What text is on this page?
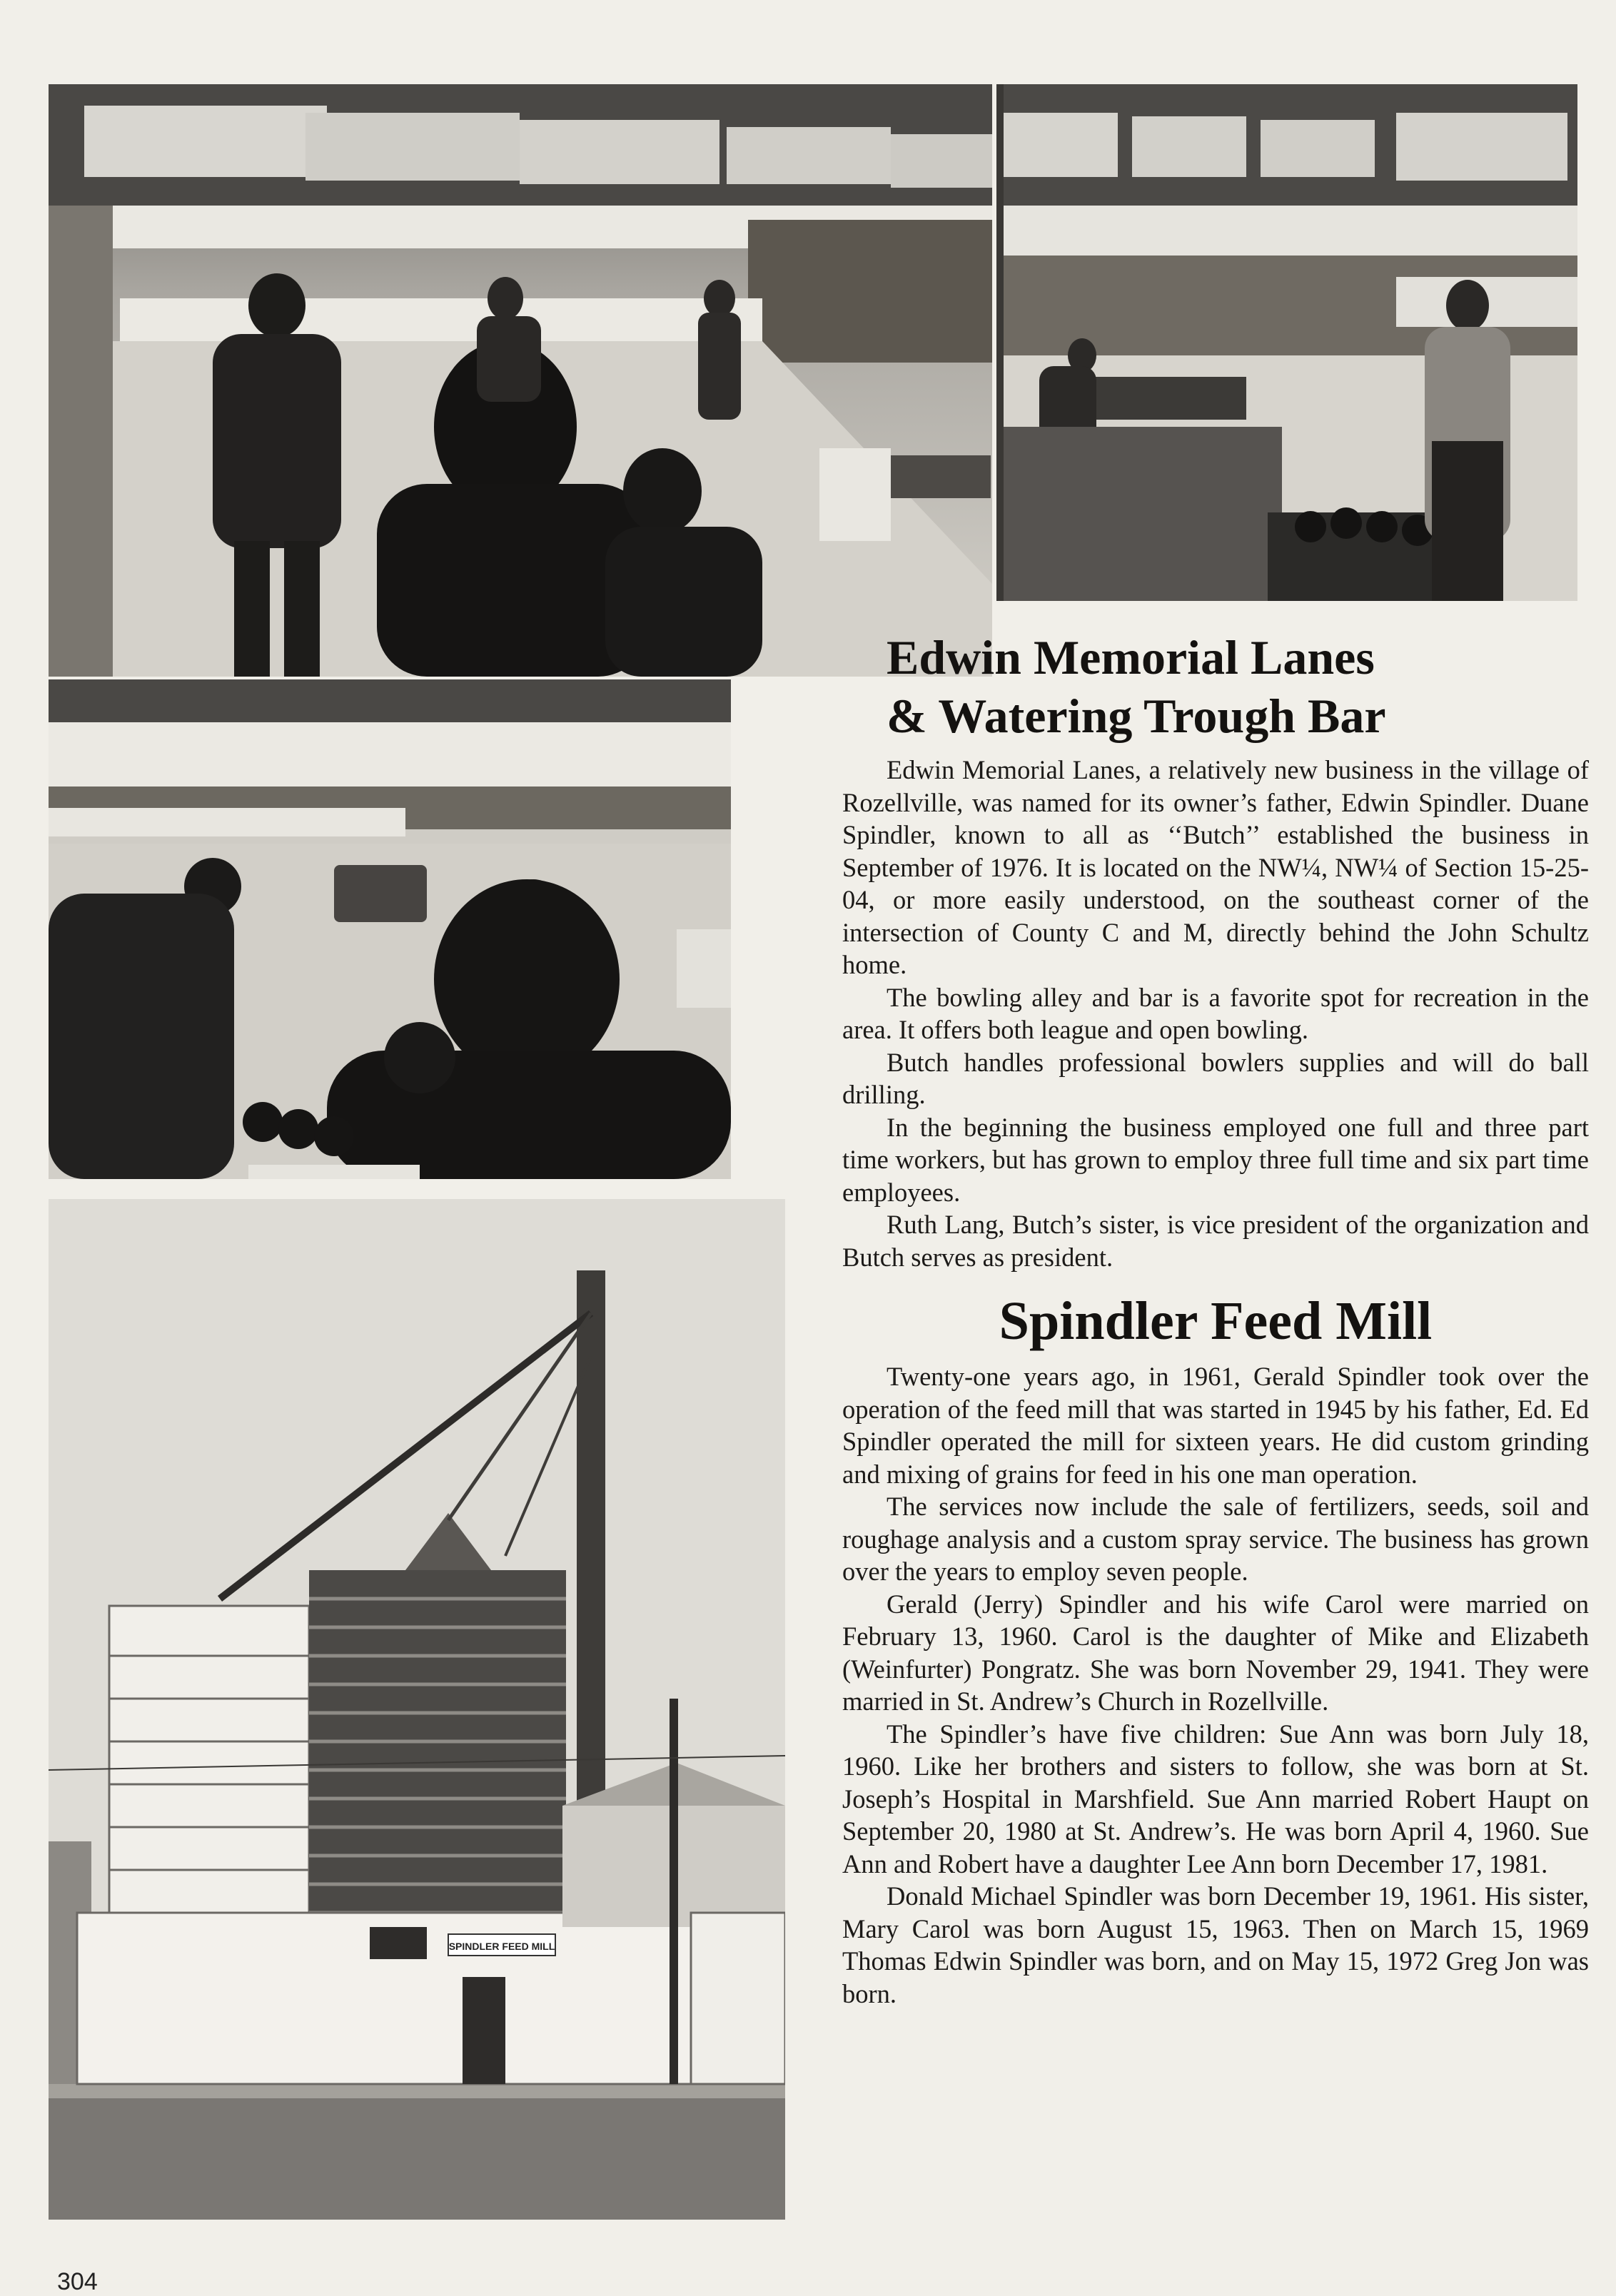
SPINDLER FEED MILL
Edwin Memorial Lanes
& Watering Trough Bar

Edwin Memorial Lanes, a relatively new business in the village of Rozellville, was named for its owner’s father, Edwin Spindler. Duane Spindler, known to all as ‘‘Butch’’ established the business in September of 1976. It is located on the NW¼, NW¼ of Section 15-25-04, or more easily understood, on the southeast corner of the intersection of County C and M, directly behind the John Schultz home.

The bowling alley and bar is a favorite spot for recreation in the area. It offers both league and open bowling.

Butch handles professional bowlers supplies and will do ball drilling.

In the beginning the business employed one full and three part time workers, but has grown to employ three full time and six part time employees.

Ruth Lang, Butch’s sister, is vice president of the organization and Butch serves as president.

Spindler Feed Mill

Twenty-one years ago, in 1961, Gerald Spindler took over the operation of the feed mill that was started in 1945 by his father, Ed. Ed Spindler operated the mill for sixteen years. He did custom grinding and mixing of grains for feed in his one man operation.

The services now include the sale of fertilizers, seeds, soil and roughage analysis and a custom spray service. The business has grown over the years to employ seven people.

Gerald (Jerry) Spindler and his wife Carol were married on February 13, 1960. Carol is the daughter of Mike and Elizabeth (Weinfurter) Pongratz. She was born November 29, 1941. They were married in St. Andrew’s Church in Rozellville.

The Spindler’s have five children: Sue Ann was born July 18, 1960. Like her brothers and sisters to follow, she was born at St. Joseph’s Hospital in Marshfield. Sue Ann married Robert Haupt on September 20, 1980 at St. Andrew’s. He was born April 4, 1960. Sue Ann and Robert have a daughter Lee Ann born December 17, 1981.

Donald Michael Spindler was born December 19, 1961. His sister, Mary Carol was born August 15, 1963. Then on March 15, 1969 Thomas Edwin Spindler was born, and on May 15, 1972 Greg Jon was born.

304
